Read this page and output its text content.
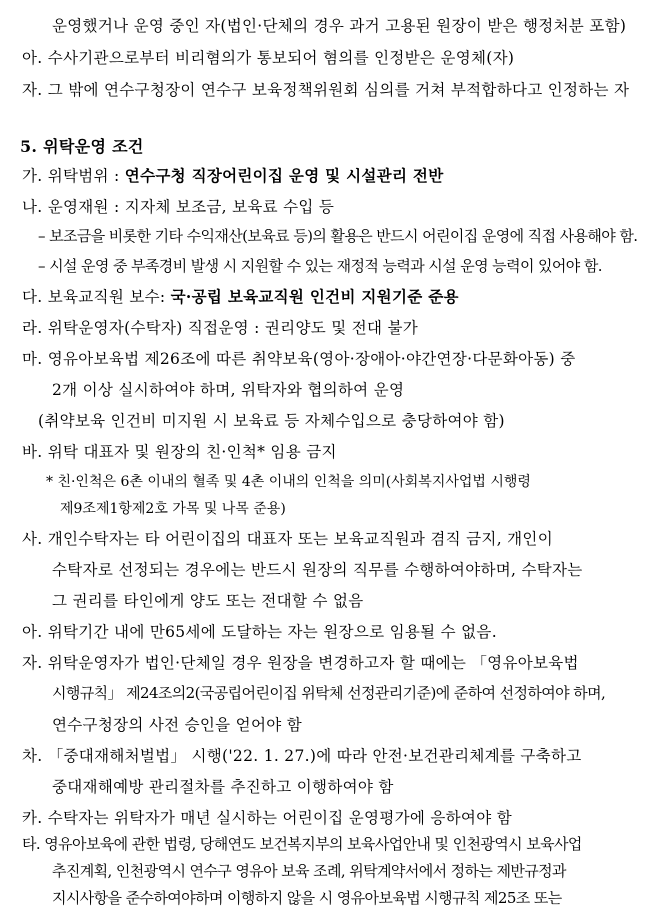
운영했거나 운영 중인 자(법인·단체의 경우 과거 고용된 원장이 받은 행정처분 포함)
아. 수사기관으로부터 비리혐의가 통보되어 혐의를 인정받은 운영체(자)
자. 그 밖에 연수구청장이 연수구 보육정책위원회 심의를 거쳐 부적합하다고 인정하는 자
5. 위탁운영 조건
가. 위탁범위 : 연수구청 직장어린이집 운영 및 시설관리 전반
나. 운영재원 : 지자체 보조금, 보육료 수입 등
– 보조금을 비롯한 기타 수익재산(보육료 등)의 활용은 반드시 어린이집 운영에 직접 사용해야 함.
– 시설 운영 중 부족경비 발생 시 지원할 수 있는 재정적 능력과 시설 운영 능력이 있어야 함.
다. 보육교직원 보수: 국·공립 보육교직원 인건비 지원기준 준용
라. 위탁운영자(수탁자) 직접운영 : 권리양도 및 전대 불가
마. 영유아보육법 제26조에 따른 취약보육(영아·장애아·야간연장·다문화아동) 중
2개 이상 실시하여야 하며, 위탁자와 협의하여 운영
(취약보육 인건비 미지원 시 보육료 등 자체수입으로 충당하여야 함)
바. 위탁 대표자 및 원장의 친·인척* 임용 금지
* 친·인척은 6촌 이내의 혈족 및 4촌 이내의 인척을 의미(사회복지사업법 시행령
제9조제1항제2호 가목 및 나목 준용)
사. 개인수탁자는 타 어린이집의 대표자 또는 보육교직원과 겸직 금지, 개인이
수탁자로 선정되는 경우에는 반드시 원장의 직무를 수행하여야하며, 수탁자는
그 권리를 타인에게 양도 또는 전대할 수 없음
아. 위탁기간 내에 만65세에 도달하는 자는 원장으로 임용될 수 없음.
자. 위탁운영자가 법인·단체일 경우 원장을 변경하고자 할 때에는 「영유아보육법
시행규칙」 제24조의2(국공립어린이집 위탁체 선정관리기준)에 준하여 선정하여야 하며,
연수구청장의 사전 승인을 얻어야 함
차. 「중대재해처벌법」 시행('22. 1. 27.)에 따라 안전·보건관리체계를 구축하고
중대재해예방 관리절차를 추진하고 이행하여야 함
카. 수탁자는 위탁자가 매년 실시하는 어린이집 운영평가에 응하여야 함
타. 영유아보육에 관한 법령, 당해연도 보건복지부의 보육사업안내 및 인천광역시 보육사업
추진계획, 인천광역시 연수구 영유아 보육 조례, 위탁계약서에서 정하는 제반규정과
지시사항을 준수하여야하며 이행하지 않을 시 영유아보육법 시행규칙 제25조 또는
